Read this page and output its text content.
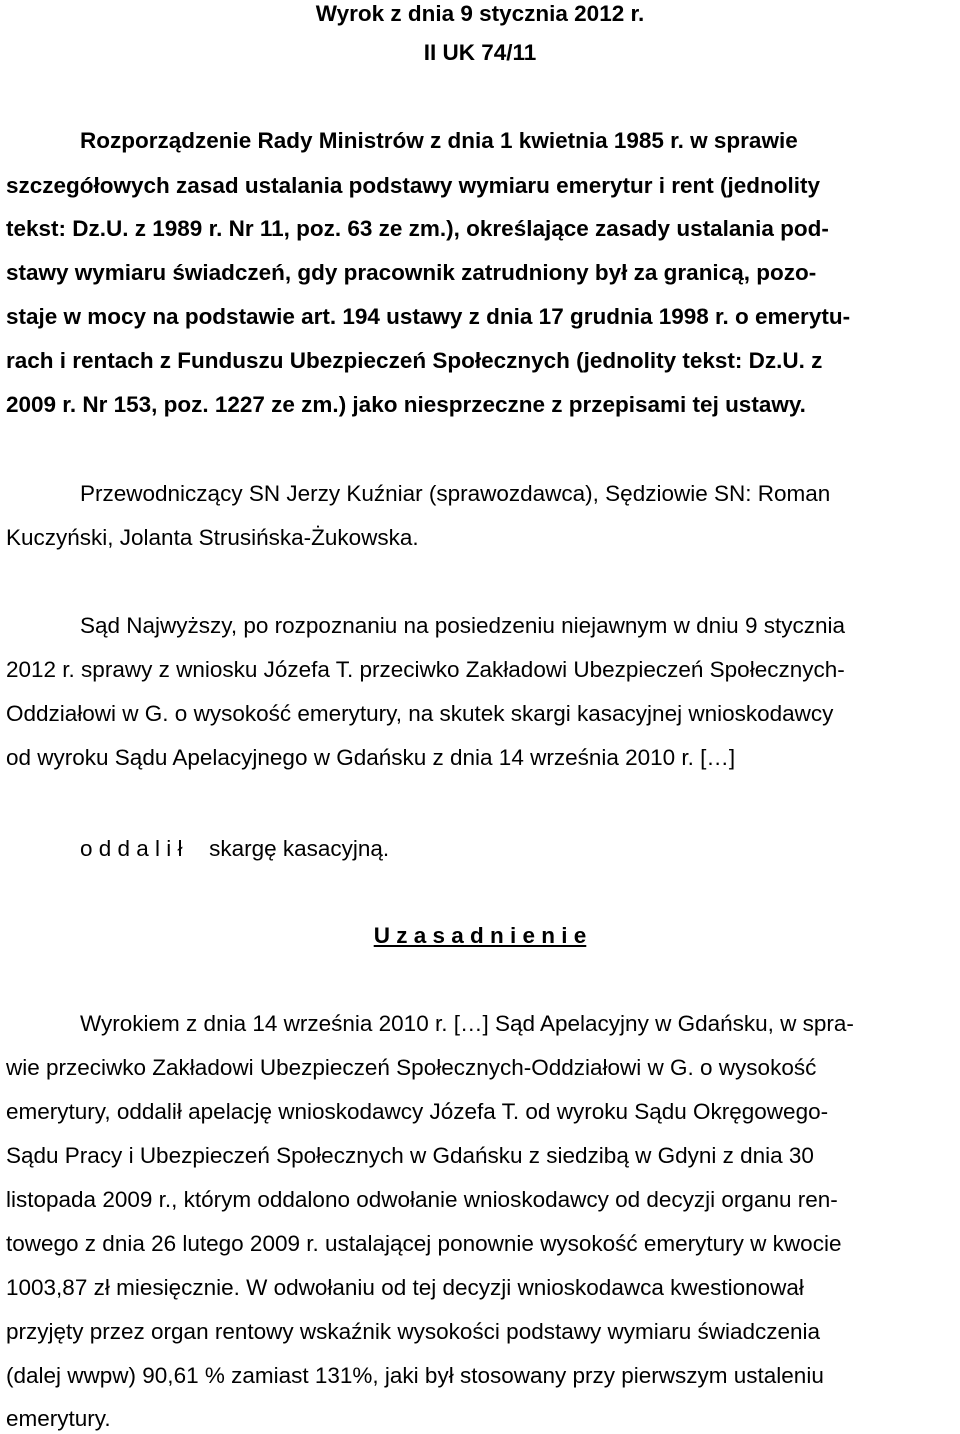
Wyrok z dnia 9 stycznia 2012 r.
II UK 74/11
Rozporządzenie Rady Ministrów z dnia 1 kwietnia 1985 r. w sprawie
szczegółowych zasad ustalania podstawy wymiaru emerytur i rent (jednolity
tekst: Dz.U. z 1989 r. Nr 11, poz. 63 ze zm.), określające zasady ustalania pod-
stawy wymiaru świadczeń, gdy pracownik zatrudniony był za granicą, pozo-
staje w mocy na podstawie art. 194 ustawy z dnia 17 grudnia 1998 r. o emerytu-
rach i rentach z Funduszu Ubezpieczeń Społecznych (jednolity tekst: Dz.U. z
2009 r. Nr 153, poz. 1227 ze zm.) jako niesprzeczne z przepisami tej ustawy.
Przewodniczący SN Jerzy Kuźniar (sprawozdawca), Sędziowie SN: Roman
Kuczyński, Jolanta Strusińska-Żukowska.
Sąd Najwyższy, po rozpoznaniu na posiedzeniu niejawnym w dniu 9 stycznia
2012 r. sprawy z wniosku Józefa T. przeciwko Zakładowi Ubezpieczeń Społecznych-
Oddziałowi w G. o wysokość emerytury, na skutek skargi kasacyjnej wnioskodawcy
od wyroku Sądu Apelacyjnego w Gdańsku z dnia 14 września 2010 r. […]
o d d a l i ł skargę kasacyjną.
U z a s a d n i e n i e
Wyrokiem z dnia 14 września 2010 r. […] Sąd Apelacyjny w Gdańsku, w spra-
wie przeciwko Zakładowi Ubezpieczeń Społecznych-Oddziałowi w G. o wysokość
emerytury, oddalił apelację wnioskodawcy Józefa T. od wyroku Sądu Okręgowego-
Sądu Pracy i Ubezpieczeń Społecznych w Gdańsku z siedzibą w Gdyni z dnia 30
listopada 2009 r., którym oddalono odwołanie wnioskodawcy od decyzji organu ren-
towego z dnia 26 lutego 2009 r. ustalającej ponownie wysokość emerytury w kwocie
1003,87 zł miesięcznie. W odwołaniu od tej decyzji wnioskodawca kwestionował
przyjęty przez organ rentowy wskaźnik wysokości podstawy wymiaru świadczenia
(dalej wwpw) 90,61 % zamiast 131%, jaki był stosowany przy pierwszym ustaleniu
emerytury.
